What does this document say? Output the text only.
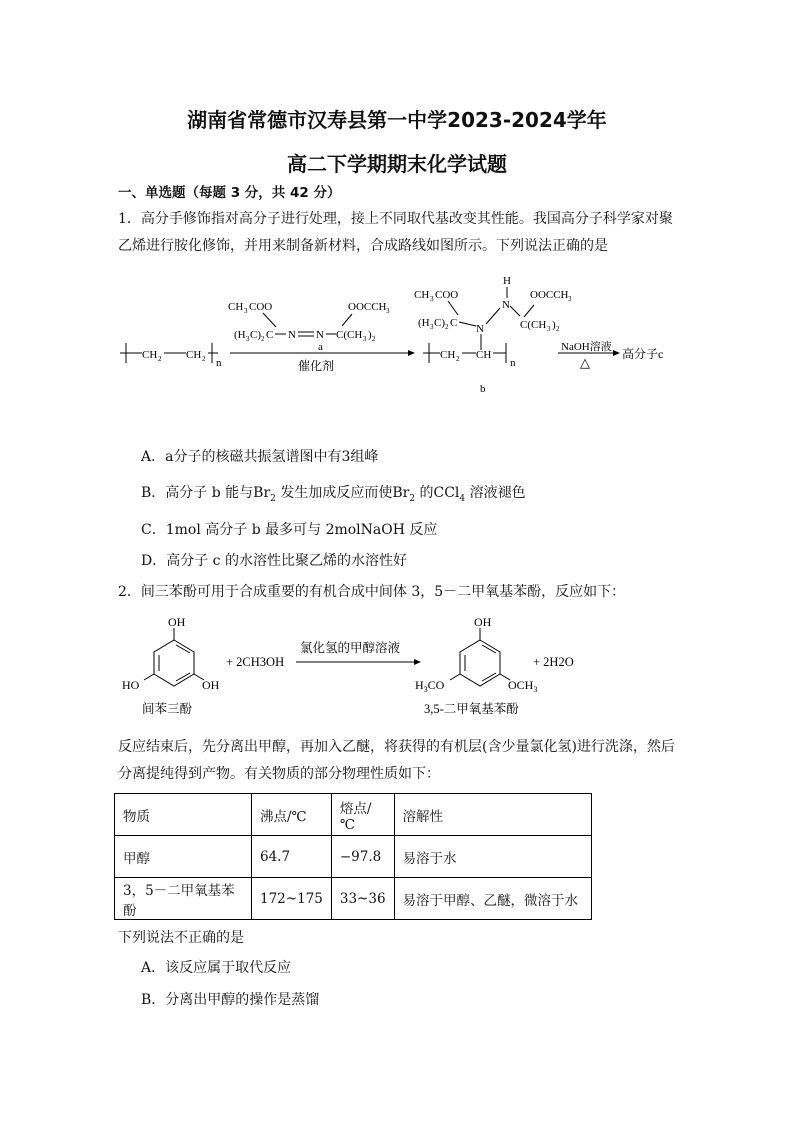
湖南省常德市汉寿县第一中学2023-2024学年
高二下学期期末化学试题
一、单选题（每题 3 分，共 42 分）
1．高分手修饰指对高分子进行处理，接上不同取代基改变其性能。我国高分子科学家对聚
乙烯进行胺化修饰，并用来制备新材料，合成路线如图所示。下列说法正确的是
CH 2 CH 2 n
CH 3 COO
(H 3 C) 2 C N N C(CH 3 ) 2
OOCCH 3
a
催化剂
H
N
C(CH 3 ) 2
OOCCH 3
CH 3 COO
(H 3 C) 2 C N
CH 2 CH
n
b
NaOH溶液
△
高分子c
A．a分子的核磁共振氢谱图中有3组峰
B．高分子 b 能与$Br_2$ 发生加成反应而使$Br_2$ 的CCl$_4$ 溶液褪色
C．1mol 高分子 b 最多可与 2molNaOH 反应
D．高分子 c 的水溶性比聚乙烯的水溶性好
2．间三苯酚可用于合成重要的有机合成中间体 3，5－二甲氧基苯酚，反应如下：
OH
HO	OH
间苯三酚
+ 2CH3OH
氯化氢的甲醇溶液
OH
$H_3CO$	$OCH_3$
3,5-二甲氧基苯酚
+ 2H2O
反应结束后，先分离出甲醇，再加入乙醚，将获得的有机层(含少量氯化氢)进行洗涤，然后
分离提纯得到产物。有关物质的部分物理性质如下：
物质	沸点/℃	熔点/℃	溶解性
甲醇	64.7	−97.8	易溶于水
3，5－二甲氧基苯酚	172~175	33~36	易溶于甲醇、乙醚，微溶于水
下列说法不正确的是
A．该反应属于取代反应
B．分离出甲醇的操作是蒸馏
